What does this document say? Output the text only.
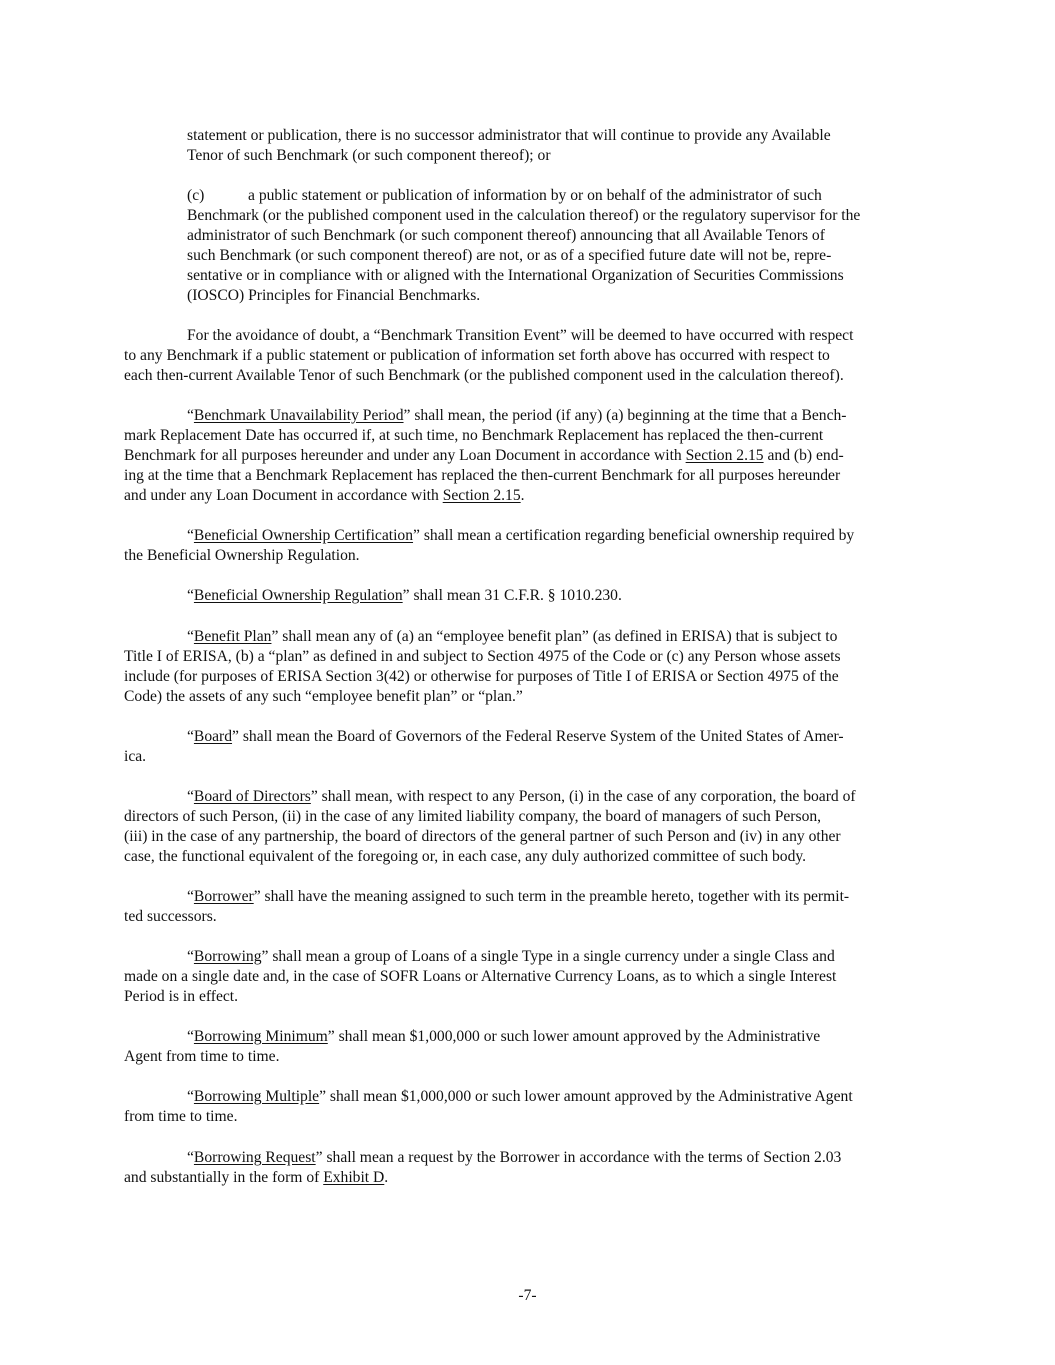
statement or publication, there is no successor administrator that will continue to provide any Available
Tenor of such Benchmark (or such component thereof); or
(c)	a public statement or publication of information by or on behalf of the administrator of such
Benchmark (or the published component used in the calculation thereof) or the regulatory supervisor for the
administrator of such Benchmark (or such component thereof) announcing that all Available Tenors of
such Benchmark (or such component thereof) are not, or as of a specified future date will not be, repre-
sentative or in compliance with or aligned with the International Organization of Securities Commissions
(IOSCO) Principles for Financial Benchmarks.
For the avoidance of doubt, a “Benchmark Transition Event” will be deemed to have occurred with respect
to any Benchmark if a public statement or publication of information set forth above has occurred with respect to
each then-current Available Tenor of such Benchmark (or the published component used in the calculation thereof).
“Benchmark Unavailability Period” shall mean, the period (if any) (a) beginning at the time that a Bench-
mark Replacement Date has occurred if, at such time, no Benchmark Replacement has replaced the then-current
Benchmark for all purposes hereunder and under any Loan Document in accordance with Section 2.15 and (b) end-
ing at the time that a Benchmark Replacement has replaced the then-current Benchmark for all purposes hereunder
and under any Loan Document in accordance with Section 2.15.
“Beneficial Ownership Certification” shall mean a certification regarding beneficial ownership required by
the Beneficial Ownership Regulation.
“Beneficial Ownership Regulation” shall mean 31 C.F.R. § 1010.230.
“Benefit Plan” shall mean any of (a) an “employee benefit plan” (as defined in ERISA) that is subject to
Title I of ERISA, (b) a “plan” as defined in and subject to Section 4975 of the Code or (c) any Person whose assets
include (for purposes of ERISA Section 3(42) or otherwise for purposes of Title I of ERISA or Section 4975 of the
Code) the assets of any such “employee benefit plan” or “plan.”
“Board” shall mean the Board of Governors of the Federal Reserve System of the United States of Amer-
ica.
“Board of Directors” shall mean, with respect to any Person, (i) in the case of any corporation, the board of
directors of such Person, (ii) in the case of any limited liability company, the board of managers of such Person,
(iii) in the case of any partnership, the board of directors of the general partner of such Person and (iv) in any other
case, the functional equivalent of the foregoing or, in each case, any duly authorized committee of such body.
“Borrower” shall have the meaning assigned to such term in the preamble hereto, together with its permit-
ted successors.
“Borrowing” shall mean a group of Loans of a single Type in a single currency under a single Class and
made on a single date and, in the case of SOFR Loans or Alternative Currency Loans, as to which a single Interest
Period is in effect.
“Borrowing Minimum” shall mean $1,000,000 or such lower amount approved by the Administrative
Agent from time to time.
“Borrowing Multiple” shall mean $1,000,000 or such lower amount approved by the Administrative Agent
from time to time.
“Borrowing Request” shall mean a request by the Borrower in accordance with the terms of Section 2.03
and substantially in the form of Exhibit D.
-7-
